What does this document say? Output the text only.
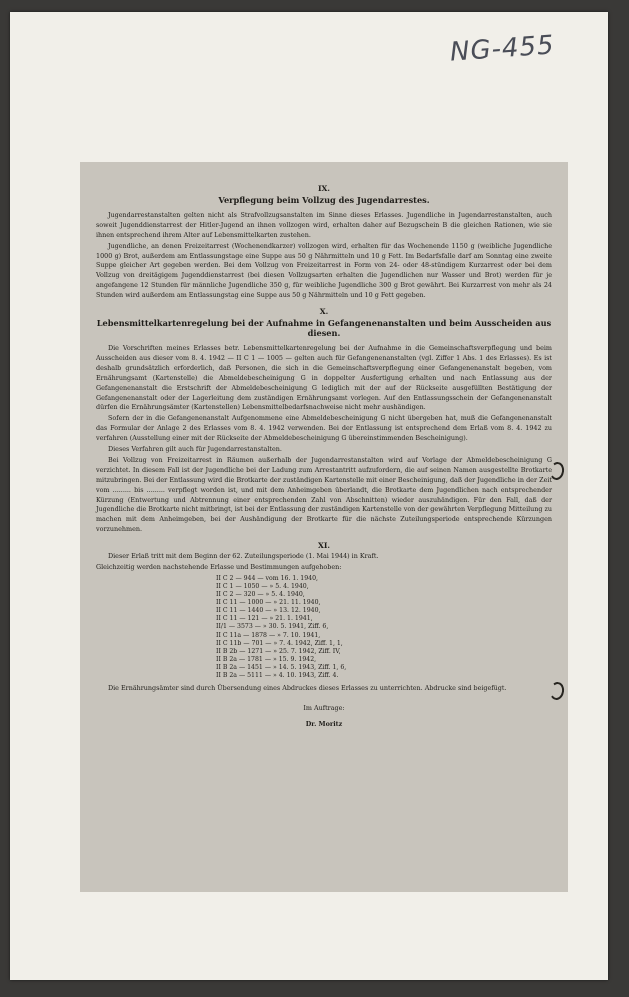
NG-455
IX.
Verpflegung beim Vollzug des Jugendarrestes.

Jugendarrestanstalten gelten nicht als Strafvollzugsanstalten im Sinne dieses Erlasses. Jugendliche in Jugendarrestanstalten, auch soweit Jugenddienstarrest der Hitler-Jugend an ihnen vollzogen wird, erhalten daher auf Bezugschein B die gleichen Rationen, wie sie ihnen entsprechend ihrem Alter auf Lebensmittelkarten zustehen.

Jugendliche, an denen Freizeitarrest (Wochenendkarzer) vollzogen wird, erhalten für das Wochenende 1150 g (weibliche Jugendliche 1000 g) Brot, außerdem am Entlassungstage eine Suppe aus 50 g Nährmitteln und 10 g Fett. Im Bedarfsfalle darf am Sonntag eine zweite Suppe gleicher Art gegeben werden. Bei dem Vollzug von Freizeitarrest in Form von 24- oder 48-stündigem Kurzarrest oder bei dem Vollzug von dreitägigem Jugenddienstarrest (bei diesen Vollzugsarten erhalten die Jugendlichen nur Wasser und Brot) werden für je angefangene 12 Stunden für männliche Jugendliche 350 g, für weibliche Jugendliche 300 g Brot gewährt. Bei Kurzarrest von mehr als 24 Stunden wird außerdem am Entlassungstag eine Suppe aus 50 g Nährmitteln und 10 g Fett gegeben.

X.
Lebensmittelkartenregelung bei der Aufnahme in Gefangenenanstalten und beim Ausscheiden aus diesen.

Die Vorschriften meines Erlasses betr. Lebensmittelkartenregelung bei der Aufnahme in die Gemeinschaftsverpflegung und beim Ausscheiden aus dieser vom 8. 4. 1942 — II C 1 — 1005 — gelten auch für Gefangenenanstalten (vgl. Ziffer 1 Abs. 1 des Erlasses). Es ist deshalb grundsätzlich erforderlich, daß Personen, die sich in die Gemeinschaftsverpflegung einer Gefangenenanstalt begeben, vom Ernährungsamt (Kartenstelle) die Abmeldebescheinigung G in doppelter Ausfertigung erhalten und nach Entlassung aus der Gefangenenanstalt die Erstschrift der Abmeldebescheinigung G lediglich mit der auf der Rückseite ausgefüllten Bestätigung der Gefangenenanstalt oder der Lagerleitung dem zuständigen Ernährungsamt vorlegen. Auf den Entlassungsschein der Gefangenenanstalt dürfen die Ernährungsämter (Kartenstellen) Lebensmittelbedarfsnachweise nicht mehr aushändigen.

Sofern der in die Gefangenenanstalt Aufgenommene eine Abmeldebescheinigung G nicht übergeben hat, muß die Gefangenenanstalt das Formular der Anlage 2 des Erlasses vom 8. 4. 1942 verwenden. Bei der Entlassung ist entsprechend dem Erlaß vom 8. 4. 1942 zu verfahren (Ausstellung einer mit der Rückseite der Abmeldebescheinigung G übereinstimmenden Bescheinigung).

Dieses Verfahren gilt auch für Jugendarrestanstalten.

Bei Vollzug von Freizeitarrest in Räumen außerhalb der Jugendarrestanstalten wird auf Vorlage der Abmeldebescheinigung G verzichtet. In diesem Fall ist der Jugendliche bei der Ladung zum Arrestantritt aufzufordern, die auf seinen Namen ausgestellte Brotkarte mitzubringen. Bei der Entlassung wird die Brotkarte der zuständigen Kartenstelle mit einer Bescheinigung, daß der Jugendliche in der Zeit vom ......... bis ......... verpflegt worden ist, und mit dem Anheimgeben überlandt, die Brotkarte dem Jugendlichen nach entsprechender Kürzung (Entwertung und Abtrennung einer entsprechenden Zahl von Abschnitten) wieder auszuhändigen. Für den Fall, daß der Jugendliche die Brotkarte nicht mitbringt, ist bei der Entlassung der zuständigen Kartenstelle von der gewährten Verpflegung Mitteilung zu machen mit dem Anheimgeben, bei der Aushändigung der Brotkarte für die nächste Zuteilungsperiode entsprechende Kürzungen vorzunehmen.

XI.

Dieser Erlaß tritt mit dem Beginn der 62. Zuteilungsperiode (1. Mai 1944) in Kraft.

Gleichzeitig werden nachstehende Erlasse und Bestimmungen aufgehoben:

II C 2 — 944 — vom 16. 1. 1940,
II C 1 — 1050 — » 5. 4. 1940,
II C 2 — 320 — » 5. 4. 1940,
II C 11 — 1000 — » 21. 11. 1940,
II C 11 — 1440 — » 13. 12. 1940,
II C 11 — 121 — » 21. 1. 1941,
II/1 — 3573 — » 30. 5. 1941, Ziff. 6,
II C 11a — 1878 — » 7. 10. 1941,
II C 11b — 701 — » 7. 4. 1942, Ziff. 1, 1,
II B 2b — 1271 — » 25. 7. 1942, Ziff. IV,
II B 2a — 1781 — » 15. 9. 1942,
II B 2a — 1451 — » 14. 5. 1943, Ziff. 1, 6,
II B 2a — 5111 — » 4. 10. 1943, Ziff. 4.

Die Ernährungsämter sind durch Übersendung eines Abdruckes dieses Erlasses zu unterrichten. Abdrucke sind beigefügt.

Im Auftrage:
Dr. Moritz
